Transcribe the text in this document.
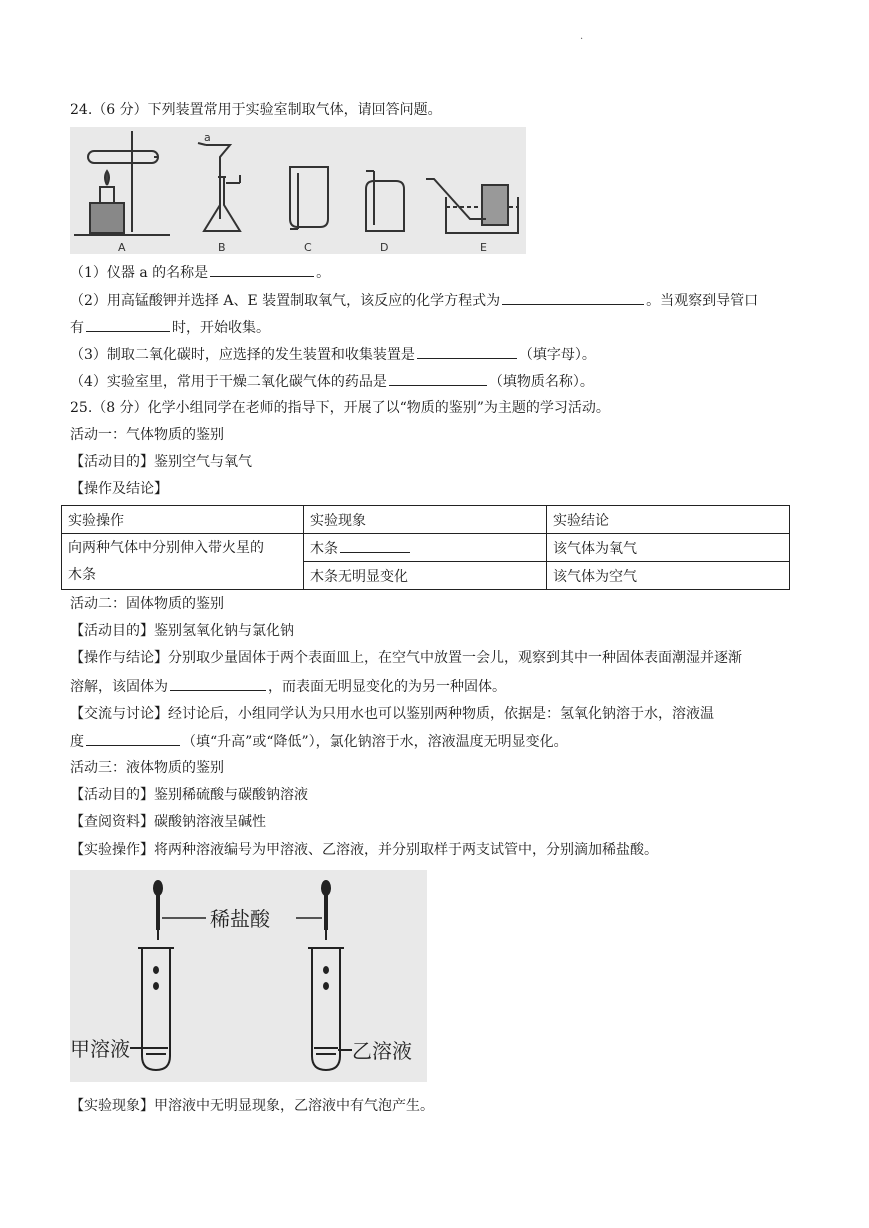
·
24.（6 分）下列装置常用于实验室制取气体，请回答问题。
a
A	B	C	D	E
（1）仪器 a 的名称是	。
（2）用高锰酸钾并选择 A、E 装置制取氧气，该反应的化学方程式为	。当观察到导管口
有	时，开始收集。
（3）制取二氧化碳时，应选择的发生装置和收集装置是	（填字母）。
（4）实验室里，常用于干燥二氧化碳气体的药品是	（填物质名称）。
25.（8 分）化学小组同学在老师的指导下，开展了以“物质的鉴别”为主题的学习活动。
活动一：气体物质的鉴别
【活动目的】鉴别空气与氧气
【操作及结论】
实验操作	实验现象	实验结论

向两种气体中分别伸入带火星的
木条	木条	该气体为氧气
	木条无明显变化	该气体为空气
活动二：固体物质的鉴别
【活动目的】鉴别氢氧化钠与氯化钠
【操作与结论】分别取少量固体于两个表面皿上，在空气中放置一会儿，观察到其中一种固体表面潮湿并逐渐
溶解，该固体为	，而表面无明显变化的为另一种固体。
【交流与讨论】经讨论后，小组同学认为只用水也可以鉴别两种物质，依据是：氢氧化钠溶于水，溶液温
度	（填“升高”或“降低”），氯化钠溶于水，溶液温度无明显变化。
活动三：液体物质的鉴别
【活动目的】鉴别稀硫酸与碳酸钠溶液
【查阅资料】碳酸钠溶液呈碱性
【实验操作】将两种溶液编号为甲溶液、乙溶液，并分别取样于两支试管中，分别滴加稀盐酸。
稀盐酸
甲溶液	乙溶液
【实验现象】甲溶液中无明显现象，乙溶液中有气泡产生。
